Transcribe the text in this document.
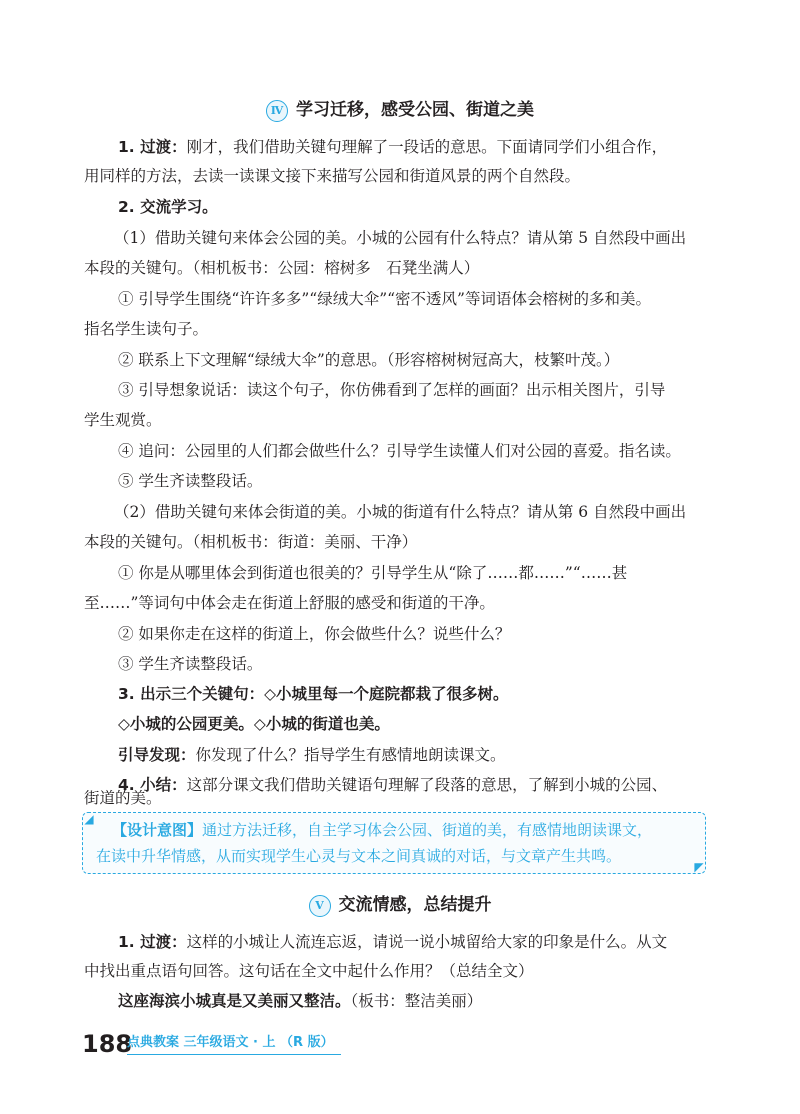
Ⅳ 学习迁移，感受公园、街道之美
1. 过渡：刚才，我们借助关键句理解了一段话的意思。下面请同学们小组合作，
用同样的方法，去读一读课文接下来描写公园和街道风景的两个自然段。
2. 交流学习。
（1）借助关键句来体会公园的美。小城的公园有什么特点？请从第 5 自然段中画出
本段的关键句。（相机板书：公园：榕树多　石凳坐满人）
① 引导学生围绕“许许多多”“绿绒大伞”“密不透风”等词语体会榕树的多和美。
指名学生读句子。
② 联系上下文理解“绿绒大伞”的意思。（形容榕树树冠高大，枝繁叶茂。）
③ 引导想象说话：读这个句子，你仿佛看到了怎样的画面？出示相关图片，引导
学生观赏。
④ 追问：公园里的人们都会做些什么？引导学生读懂人们对公园的喜爱。指名读。
⑤ 学生齐读整段话。
（2）借助关键句来体会街道的美。小城的街道有什么特点？请从第 6 自然段中画出
本段的关键句。（相机板书：街道：美丽、干净）
① 你是从哪里体会到街道也很美的？引导学生从“除了……都……”“……甚
至……”等词句中体会走在街道上舒服的感受和街道的干净。
② 如果你走在这样的街道上，你会做些什么？说些什么？
③ 学生齐读整段话。
3. 出示三个关键句：◇小城里每一个庭院都栽了很多树。
◇小城的公园更美。◇小城的街道也美。
引导发现：你发现了什么？指导学生有感情地朗读课文。
4. 小结：这部分课文我们借助关键语句理解了段落的意思，了解到小城的公园、
街道的美。
◢
◤
【设计意图】通过方法迁移，自主学习体会公园、街道的美，有感情地朗读课文，
在读中升华情感，从而实现学生心灵与文本之间真诚的对话，与文章产生共鸣。
Ⅴ 交流情感，总结提升
1. 过渡：这样的小城让人流连忘返，请说一说小城留给大家的印象是什么。从文
中找出重点语句回答。这句话在全文中起什么作用？（总结全文）
这座海滨小城真是又美丽又整洁。（板书：整洁美丽）
188
点典教案 三年级语文 · 上 （R 版）
